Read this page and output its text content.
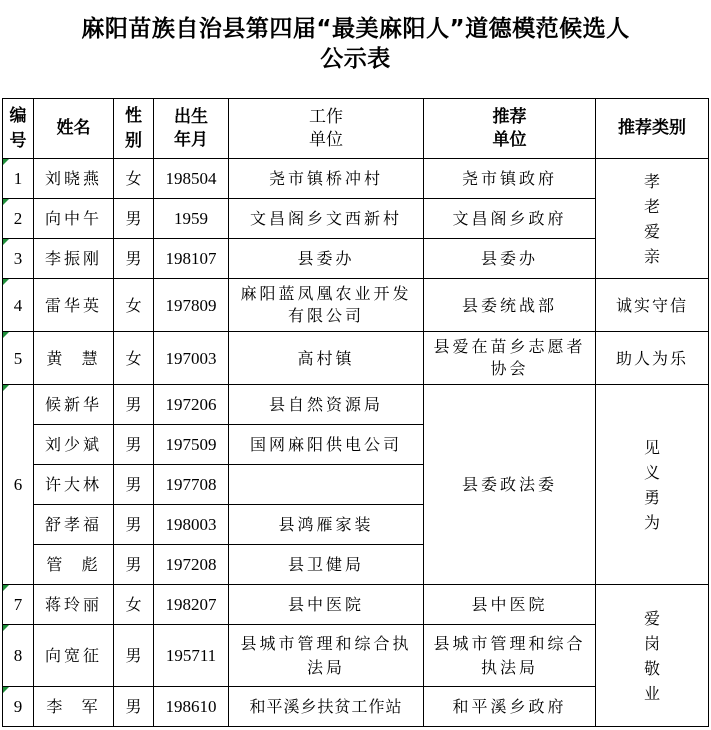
麻阳苗族自治县第四届“最美麻阳人”道德模范候选人
公示表
编号	姓名	性别	出生年月	工作单位	推荐单位	推荐类别
1	刘晓燕	女	198504	尧市镇桥冲村	尧市镇政府	孝老爱亲
2	向中午	男	1959	文昌阁乡文西新村	文昌阁乡政府	
3	李振刚	男	198107	县委办	县委办	
4	雷华英	女	197809	麻阳蓝凤凰农业开发有限公司	县委统战部	诚实守信
5	黄  慧	女	197003	高村镇	县爱在苗乡志愿者协会	助人为乐
6	候新华	男	197206	县自然资源局	县委政法委	见义勇为
	刘少斌	男	197509	国网麻阳供电公司		
	许大林	男	197708			
	舒孝福	男	198003	县鸿雁家装		
	管  彪	男	197208	县卫健局		
7	蒋玲丽	女	198207	县中医院	县中医院	爱岗敬业
8	向宽征	男	195711	县城市管理和综合执法局	县城市管理和综合执法局	
9	李  军	男	198610	和平溪乡扶贫工作站	和平溪乡政府	
